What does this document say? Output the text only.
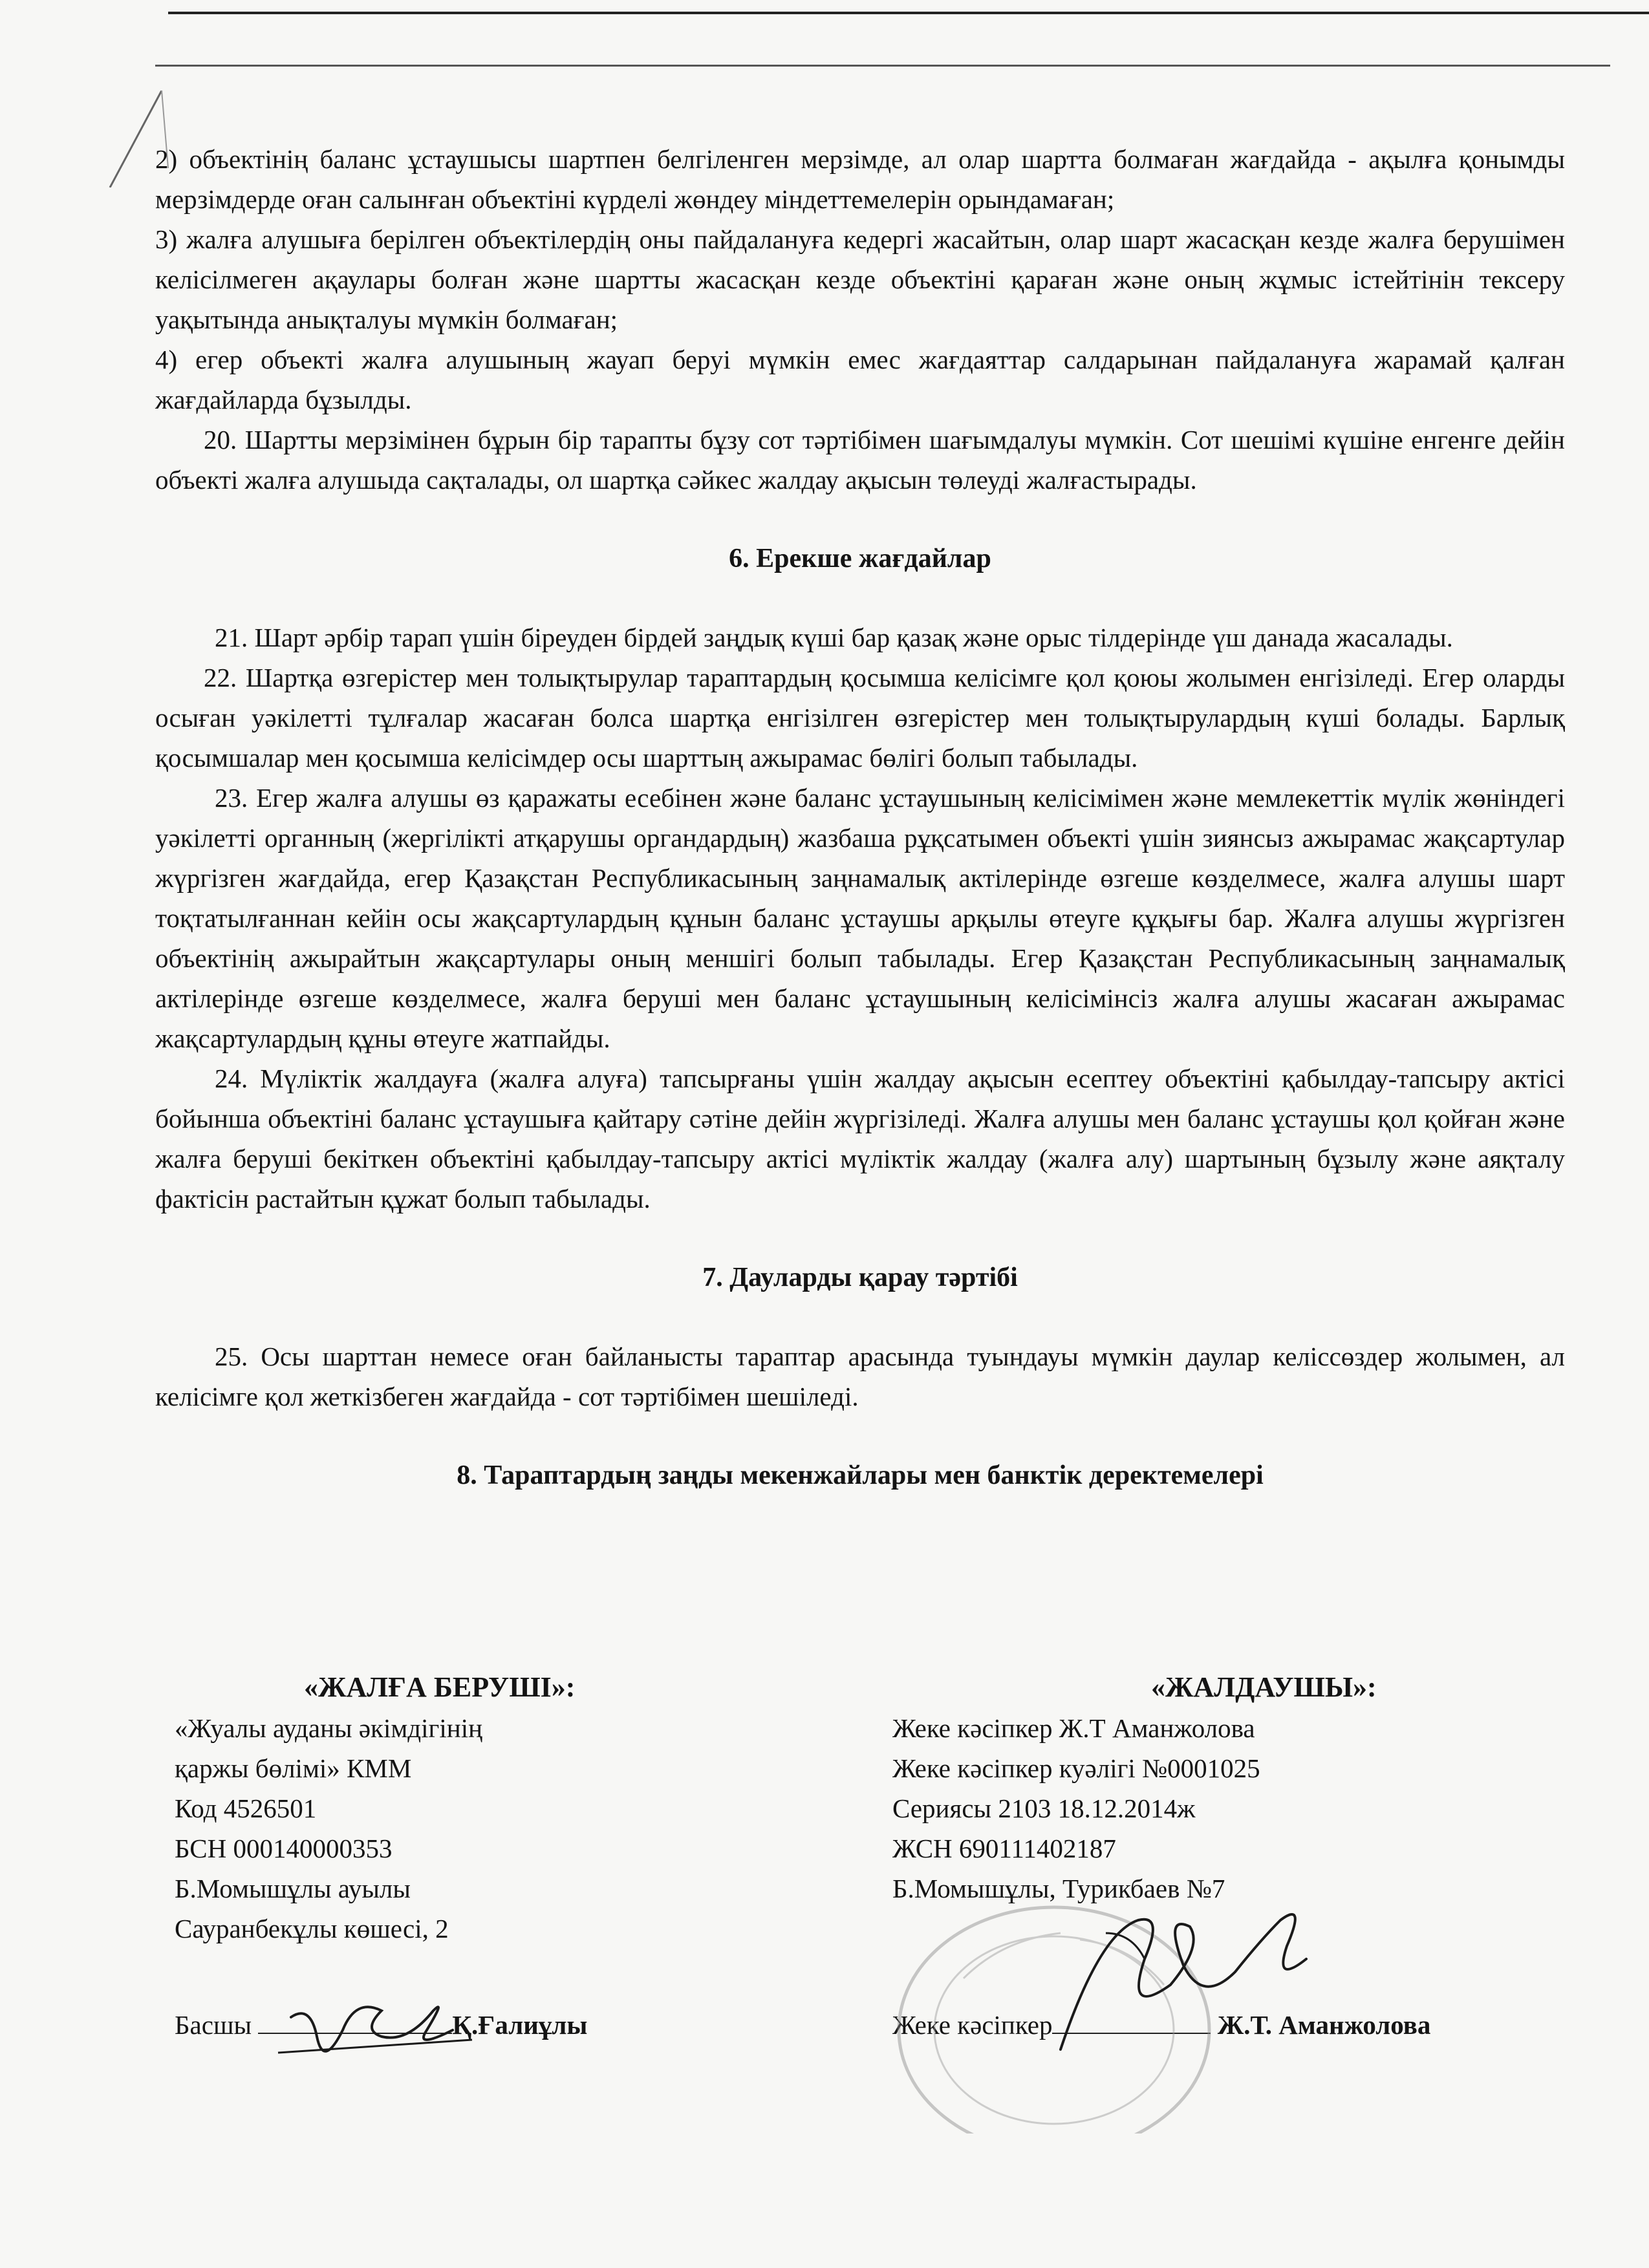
2) объектінің баланс ұстаушысы шартпен белгіленген мерзімде, ал олар шартта болмаған жағдайда - ақылға қонымды мерзімдерде оған салынған объектіні күрделі жөндеу міндеттемелерін орындамаған;

3) жалға алушыға берілген объектілердің оны пайдалануға кедергі жасайтын, олар шарт жасасқан кезде жалға берушімен келісілмеген ақаулары болған және шартты жасасқан кезде объектіні қараған және оның жұмыс істейтінін тексеру уақытында анықталуы мүмкін болмаған;

4) егер объекті жалға алушының жауап беруі мүмкін емес жағдаяттар салдарынан пайдалануға жарамай қалған жағдайларда бұзылды.

20. Шартты мерзімінен бұрын бір тарапты бұзу сот тәртібімен шағымдалуы мүмкін. Сот шешімі күшіне енгенге дейін объекті жалға алушыда сақталады, ол шартқа сәйкес жалдау ақысын төлеуді жалғастырады.

6. Ерекше жағдайлар

21. Шарт әрбір тарап үшін біреуден бірдей заңдық күші бар қазақ және орыс тілдерінде үш данада жасалады.

22. Шартқа өзгерістер мен толықтырулар тараптардың қосымша келісімге қол қоюы жолымен енгізіледі. Егер оларды осыған уәкілетті тұлғалар жасаған болса шартқа енгізілген өзгерістер мен толықтырулардың күші болады. Барлық қосымшалар мен қосымша келісімдер осы шарттың ажырамас бөлігі болып табылады.

23. Егер жалға алушы өз қаражаты есебінен және баланс ұстаушының келісімімен және мемлекеттік мүлік жөніндегі уәкілетті органның (жергілікті атқарушы органдардың) жазбаша рұқсатымен объекті үшін зиянсыз ажырамас жақсартулар жүргізген жағдайда, егер Қазақстан Республикасының заңнамалық актілерінде өзгеше көзделмесе, жалға алушы шарт тоқтатылғаннан кейін осы жақсартулардың құнын баланс ұстаушы арқылы өтеуге құқығы бар. Жалға алушы жүргізген объектінің ажырайтын жақсартулары оның меншігі болып табылады. Егер Қазақстан Республикасының заңнамалық актілерінде өзгеше көзделмесе, жалға беруші мен баланс ұстаушының келісімінсіз жалға алушы жасаған ажырамас жақсартулардың құны өтеуге жатпайды.

24. Мүліктік жалдауға (жалға алуға) тапсырғаны үшін жалдау ақысын есептеу объектіні қабылдау-тапсыру актісі бойынша объектіні баланс ұстаушыға қайтару сәтіне дейін жүргізіледі. Жалға алушы мен баланс ұстаушы қол қойған және жалға беруші бекіткен объектіні қабылдау-тапсыру актісі мүліктік жалдау (жалға алу) шартының бұзылу және аяқталу фактісін растайтын құжат болып табылады.

7. Дауларды қарау тәртібі

25. Осы шарттан немесе оған байланысты тараптар арасында туындауы мүмкін даулар келіссөздер жолымен, ал келісімге қол жеткізбеген жағдайда - сот тәртібімен шешіледі.

8. Тараптардың заңды мекенжайлары мен банктік деректемелері
«ЖАЛҒА БЕРУШІ»:
«Жуалы ауданы әкімдігінің
қаржы бөлімі» КММ
Код 4526501
БСН 000140000353
Б.Момышұлы ауылы
Сауранбекұлы көшесі, 2
«ЖАЛДАУШЫ»:
Жеке кәсіпкер Ж.Т Аманжолова
Жеке кәсіпкер куәлігі №0001025
Сериясы 2103 18.12.2014ж
ЖСН 690111402187
Б.Момышұлы, Турикбаев №7
Басшы	Қ.Ғалиұлы	Жеке кәсіпкер	Ж.Т. Аманжолова
